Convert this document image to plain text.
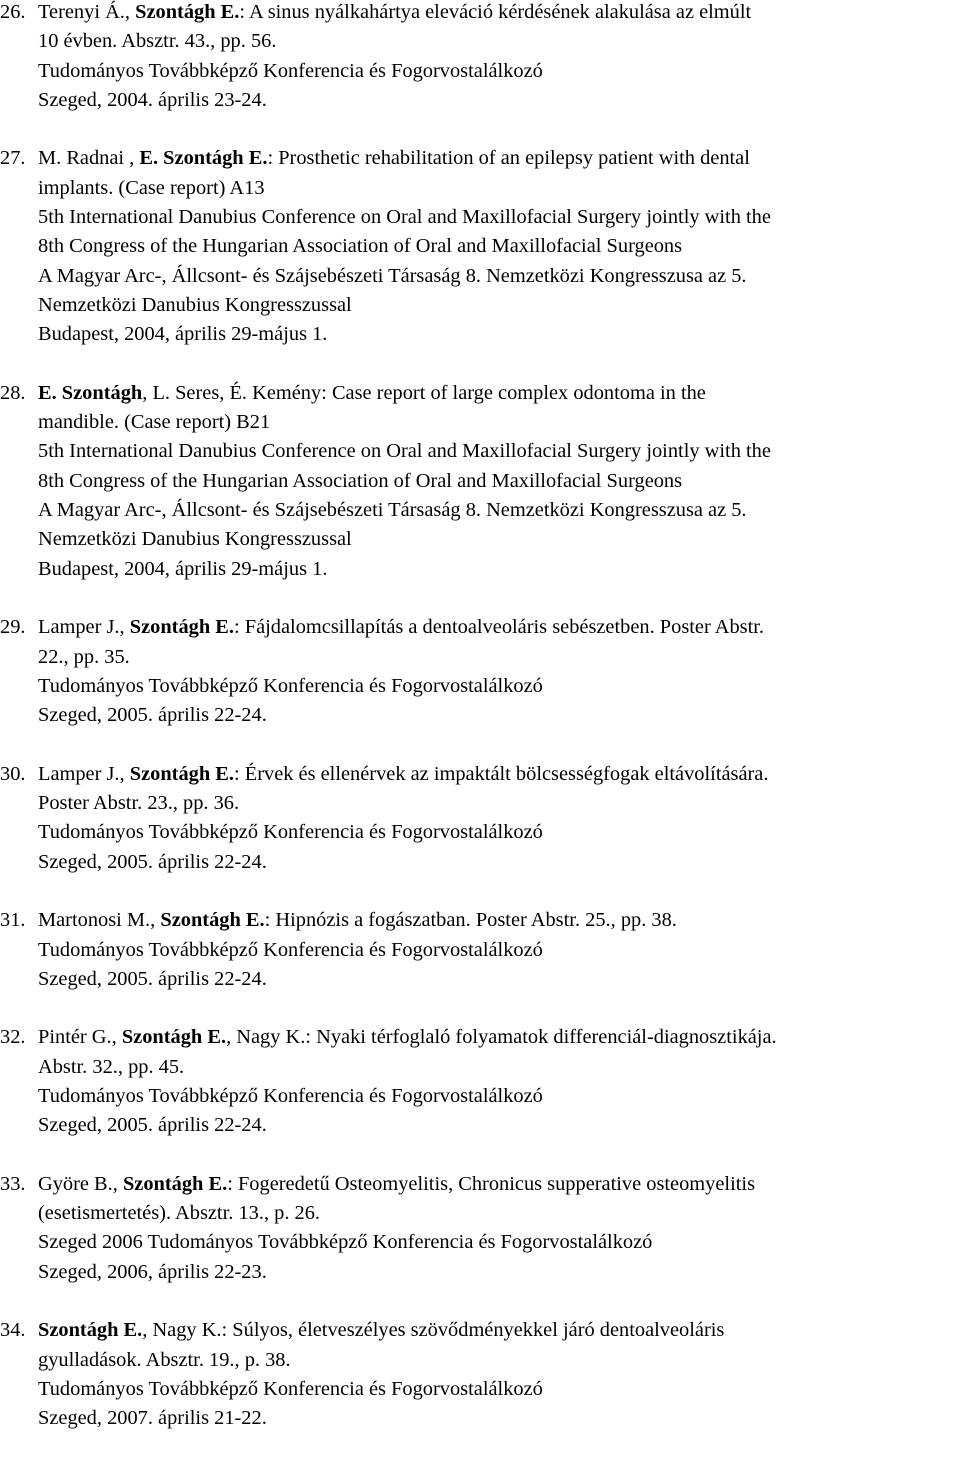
26. Terenyi Á., Szontágh E.: A sinus nyálkahártya eleváció kérdésének alakulása az elmúlt
10 évben. Absztr. 43., pp. 56.
Tudományos Továbbképző Konferencia és Fogorvostalálkozó
Szeged, 2004. április 23-24.
27. M. Radnai , E. Szontágh E.: Prosthetic rehabilitation of an epilepsy patient with dental
implants. (Case report) A13
5th International Danubius Conference on Oral and Maxillofacial Surgery jointly with the
8th Congress of the Hungarian Association of Oral and Maxillofacial Surgeons
A Magyar Arc-, Állcsont- és Szájsebészeti Társaság 8. Nemzetközi Kongresszusa az 5.
Nemzetközi Danubius Kongresszussal
Budapest, 2004, április 29-május 1.
28. E. Szontágh, L. Seres, É. Kemény: Case report of large complex odontoma in the
mandible. (Case report) B21
5th International Danubius Conference on Oral and Maxillofacial Surgery jointly with the
8th Congress of the Hungarian Association of Oral and Maxillofacial Surgeons
A Magyar Arc-, Állcsont- és Szájsebészeti Társaság 8. Nemzetközi Kongresszusa az 5.
Nemzetközi Danubius Kongresszussal
Budapest, 2004, április 29-május 1.
29. Lamper J., Szontágh E.: Fájdalomcsillapítás a dentoalveoláris sebészetben. Poster Abstr.
22., pp. 35.
Tudományos Továbbképző Konferencia és Fogorvostalálkozó
Szeged, 2005. április 22-24.
30. Lamper J., Szontágh E.: Érvek és ellenérvek az impaktált bölcsességfogak eltávolítására.
Poster Abstr. 23., pp. 36.
Tudományos Továbbképző Konferencia és Fogorvostalálkozó
Szeged, 2005. április 22-24.
31. Martonosi M., Szontágh E.: Hipnózis a fogászatban. Poster Abstr. 25., pp. 38.
Tudományos Továbbképző Konferencia és Fogorvostalálkozó
Szeged, 2005. április 22-24.
32. Pintér G., Szontágh E., Nagy K.: Nyaki térfoglaló folyamatok differenciál-diagnosztikája.
Abstr. 32., pp. 45.
Tudományos Továbbképző Konferencia és Fogorvostalálkozó
Szeged, 2005. április 22-24.
33. Györe B., Szontágh E.: Fogeredetű Osteomyelitis, Chronicus supperative osteomyelitis
(esetismertetés). Absztr. 13., p. 26.
Szeged 2006 Tudományos Továbbképző Konferencia és Fogorvostalálkozó
Szeged, 2006, április 22-23.
34. Szontágh E., Nagy K.: Súlyos, életveszélyes szövődményekkel járó dentoalveoláris
gyulladások. Absztr. 19., p. 38.
Tudományos Továbbképző Konferencia és Fogorvostalálkozó
Szeged, 2007. április 21-22.
